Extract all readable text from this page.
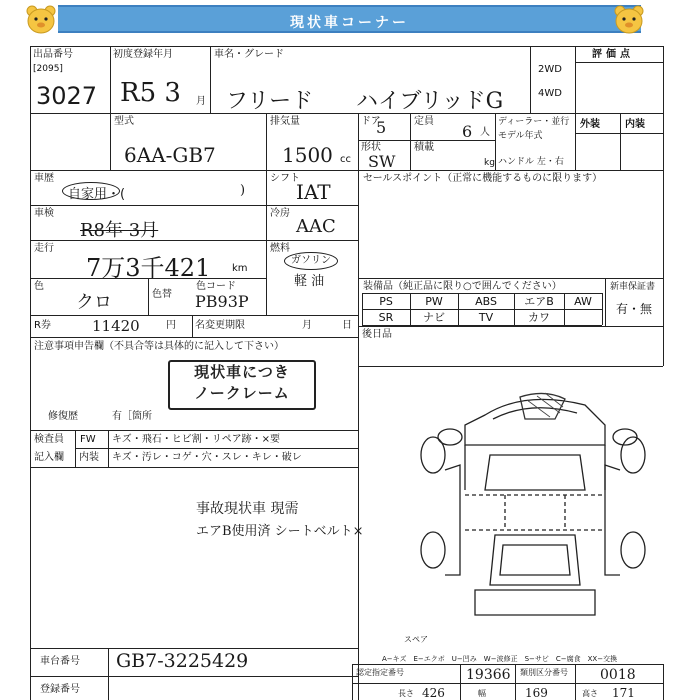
現状車コーナー
出品番号
[2095]
3027
初度登録年月
R5 3 月
車名・グレード
フリード ハイブリッドG
2WD
4WD
評価点
型式
6AA-GB7
排気量
1500 cc
ドア
5	定員
6 人
形状
SW
積載
kg
ディーラー・並行
モデル年式
ハンドル 左・右
外装	内装
車歴
自家用・(	)
シフト
IAT
車検
R8年 3月
冷房
AAC
走行
7万3千421 km
燃料
ガソリン
軽 油
色
クロ	色替
色コード
PB93P
R券	11420	円 名変更期限	月	日
注意事項申告欄（不具合等は具体的に記入して下さい）
現状車につき
ノークレーム
修復歴	有［箇所
検査員
記入欄
FW
内装
キズ・飛石・ヒビ割・リペア跡・×要
キズ・汚レ・コゲ・穴・スレ・キレ・破レ
事故現状車 現需
エアB使用済 シートベルト×
車台番号 GB7-3225429
登録番号
セールスポイント（正常に機能するものに限ります）
装備品（純正品に限り○で囲んでください）	新車保証書
有・無
PS	PW	ABS	エアB	AW
SR	ナビ	TV	カワ
後日品
スペア
A−キズ　E−エクボ　U−凹み　W−波修正　S−サビ　C−腐食　XX−交換
認定指定番号	19366 類別区分番号 0018
長さ 426	幅	169	高さ 171
